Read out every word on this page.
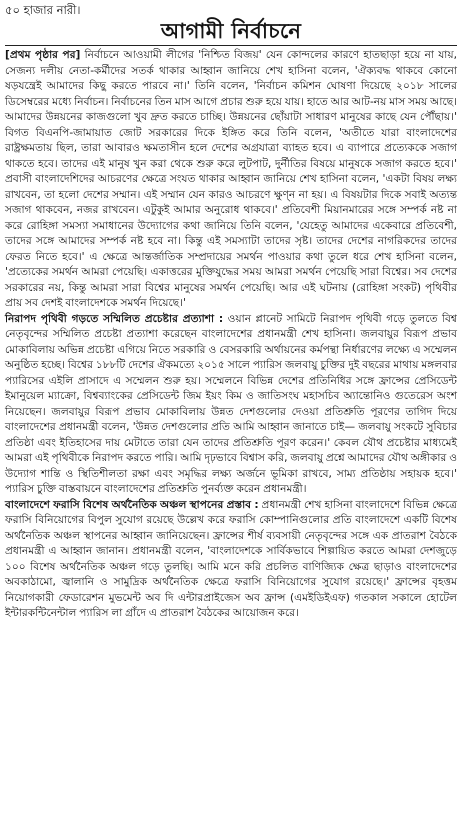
৫০ হাজার নারী।
আগামী নির্বাচনে

[প্রথম পৃষ্ঠার পর] নির্বাচনে আওয়ামী লীগের 'নিশ্চিত বিজয়' যেন কোন্দলের কারণে হাতছাড়া হয়ে না যায়, সেজন্য দলীয় নেতা-কর্মীদের সতর্ক থাকার আহ্বান জানিয়ে শেখ হাসিনা বলেন, 'ঐক্যবদ্ধ থাকবে কোনো ষড়যন্ত্রেই আমাদের কিছু করতে পারবে না।' তিনি বলেন, 'নির্বাচন কমিশন ঘোষণা দিয়েছে ২০১৮ সালের ডিসেম্বরের মধ্যে নির্বাচন। নির্বাচনের তিন মাস আগে প্রচার শুরু হয়ে যায়। হাতে আর আট-নয় মাস সময় আছে। আমাদের উন্নয়নের কাজগুলো খুব দ্রুত করতে চাচ্ছি। উন্নয়নের ছোঁয়াটা সাধারণ মানুষের কাছে যেন পৌঁছায়।' বিগত বিএনপি-জামায়াত জোট সরকারের দিকে ইঙ্গিত করে তিনি বলেন, 'অতীতে যারা বাংলাদেশের রাষ্ট্রক্ষমতায় ছিল, তারা আবারও ক্ষমতাসীন হলে দেশের অগ্রযাত্রা ব্যাহত হবে। এ ব্যাপারে প্রত্যেককে সজাগ থাকতে হবে। তাদের এই মানুষ খুন করা থেকে শুরু করে লুটপাট, দুর্নীতির বিষয়ে মানুষকে সজাগ করতে হবে।' প্রবাসী বাংলাদেশিদের আচরণের ক্ষেত্রে সংযত থাকার আহ্বান জানিয়ে শেখ হাসিনা বলেন, 'একটা বিষয় লক্ষ্য রাখবেন, তা হলো দেশের সম্মান। এই সম্মান যেন কারও আচরণে ক্ষুণ্ন না হয়। এ বিষয়টার দিকে সবাই অত্যন্ত সজাগ থাকবেন, নজর রাখবেন। এটুকুই আমার অনুরোধ থাকবে।' প্রতিবেশী মিয়ানমারের সঙ্গে সম্পর্ক নষ্ট না করে রোহিঙ্গা সমস্যা সমাধানের উদ্যোগের কথা জানিয়ে তিনি বলেন, 'যেহেতু আমাদের একেবারে প্রতিবেশী, তাদের সঙ্গে আমাদের সম্পর্ক নষ্ট হবে না। কিন্তু এই সমস্যাটা তাদের সৃষ্ট। তাদের দেশের নাগরিকদের তাদের ফেরত নিতে হবে।' এ ক্ষেত্রে আন্তর্জাতিক সম্প্রদায়ের সমর্থন পাওয়ার কথা তুলে ধরে শেখ হাসিনা বলেন, 'প্রত্যেকের সমর্থন আমরা পেয়েছি। একাত্তরের মুক্তিযুদ্ধের সময় আমরা সমর্থন পেয়েছি সারা বিশ্বের। সব দেশের সরকারের নয়, কিন্তু আমরা সারা বিশ্বের মানুষের সমর্থন পেয়েছি। আর এই ঘটনায় (রোহিঙ্গা সংকট) পৃথিবীর প্রায় সব দেশই বাংলাদেশকে সমর্থন দিয়েছে।'

নিরাপদ পৃথিবী গড়তে সম্মিলিত প্রচেষ্টার প্রত্যাশা : ওয়ান প্লানেট সামিটে নিরাপদ পৃথিবী গড়ে তুলতে বিশ্ব নেতৃবৃন্দের সম্মিলিত প্রচেষ্টা প্রত্যাশা করেছেন বাংলাদেশের প্রধানমন্ত্রী শেখ হাসিনা। জলবায়ুর বিরূপ প্রভাব মোকাবিলায় অভিন্ন প্রচেষ্টা এগিয়ে নিতে সরকারি ও বেসরকারি অর্থায়নের কর্মপন্থা নির্ধারণের লক্ষ্যে এ সম্মেলন অনুষ্ঠিত হচ্ছে। বিশ্বের ১৮৮টি দেশের ঐকমত্যে ২০১৫ সালে প্যারিস জলবায়ু চুক্তির দুই বছরের মাথায় মঙ্গলবার প্যারিসের এইলি প্রাসাদে এ সম্মেলন শুরু হয়। সম্মেলনে বিভিন্ন দেশের প্রতিনিধির সঙ্গে ফ্রান্সের প্রেসিডেন্ট ইমানুয়েল ম্যাক্রো, বিশ্বব্যাংকের প্রেসিডেন্ট জিম ইয়ং কিম ও জাতিসংঘ মহাসচিব অ্যান্তোনিও গুতেরেস অংশ নিয়েছেন। জলবায়ুর বিরূপ প্রভাব মোকাবিলায় উন্নত দেশগুলোর দেওয়া প্রতিশ্রুতি পূরণের তাগিদ দিয়ে বাংলাদেশের প্রধানমন্ত্রী বলেন, 'উন্নত দেশগুলোর প্রতি আমি আহ্বান জানাতে চাই— জলবায়ু সংকটে সুবিচার প্রতিষ্ঠা এবং ইতিহাসের দায় মেটাতে তারা যেন তাদের প্রতিশ্রুতি পূরণ করেন।' কেবল যৌথ প্রচেষ্টার মাধ্যমেই আমরা এই পৃথিবীকে নিরাপদ করতে পারি। আমি দৃঢ়ভাবে বিশ্বাস করি, জলবায়ু প্রশ্নে আমাদের যৌথ অঙ্গীকার ও উদ্যোগ শান্তি ও স্থিতিশীলতা রক্ষা এবং সমৃদ্ধির লক্ষ্য অর্জনে ভূমিকা রাখবে, সাম্য প্রতিষ্ঠায় সহায়ক হবে।' প্যারিস চুক্তি বাস্তবায়নে বাংলাদেশের প্রতিশ্রুতি পুনর্ব্যক্ত করেন প্রধানমন্ত্রী।

বাংলাদেশে ফরাসি বিশেষ অর্থনৈতিক অঞ্চল স্থাপনের প্রস্তাব : প্রধানমন্ত্রী শেখ হাসিনা বাংলাদেশে বিভিন্ন ক্ষেত্রে ফরাসি বিনিয়োগের বিপুল সুযোগ রয়েছে উল্লেখ করে ফরাসি কোম্পানিগুলোর প্রতি বাংলাদেশে একটি বিশেষ অর্থনৈতিক অঞ্চল স্থাপনের আহ্বান জানিয়েছেন। ফ্রান্সের শীর্ষ ব্যবসায়ী নেতৃবৃন্দের সঙ্গে এক প্রাতরাশ বৈঠকে প্রধানমন্ত্রী এ আহ্বান জানান। প্রধানমন্ত্রী বলেন, 'বাংলাদেশকে সার্বিকভাবে শিল্পায়িত করতে আমরা দেশজুড়ে ১০০ বিশেষ অর্থনৈতিক অঞ্চল গড়ে তুলছি। আমি মনে করি প্রচলিত বাণিজ্যিক ক্ষেত্র ছাড়াও বাংলাদেশের অবকাঠামো, জ্বালানি ও সামুদ্রিক অর্থনৈতিক ক্ষেত্রে ফরাসি বিনিয়োগের সুযোগ রয়েছে।' ফ্রান্সের বৃহত্তম নিয়োগকারী ফেডারেশন মুভমেন্ট অব দি এন্টারপ্রাইজেস অব ফ্রান্স (এমইডিইএফ) গতকাল সকালে হোটেল ইন্টারকন্টিনেন্টাল প্যারিস লা গ্রাঁদে এ প্রাতরাশ বৈঠকের আয়োজন করে।
